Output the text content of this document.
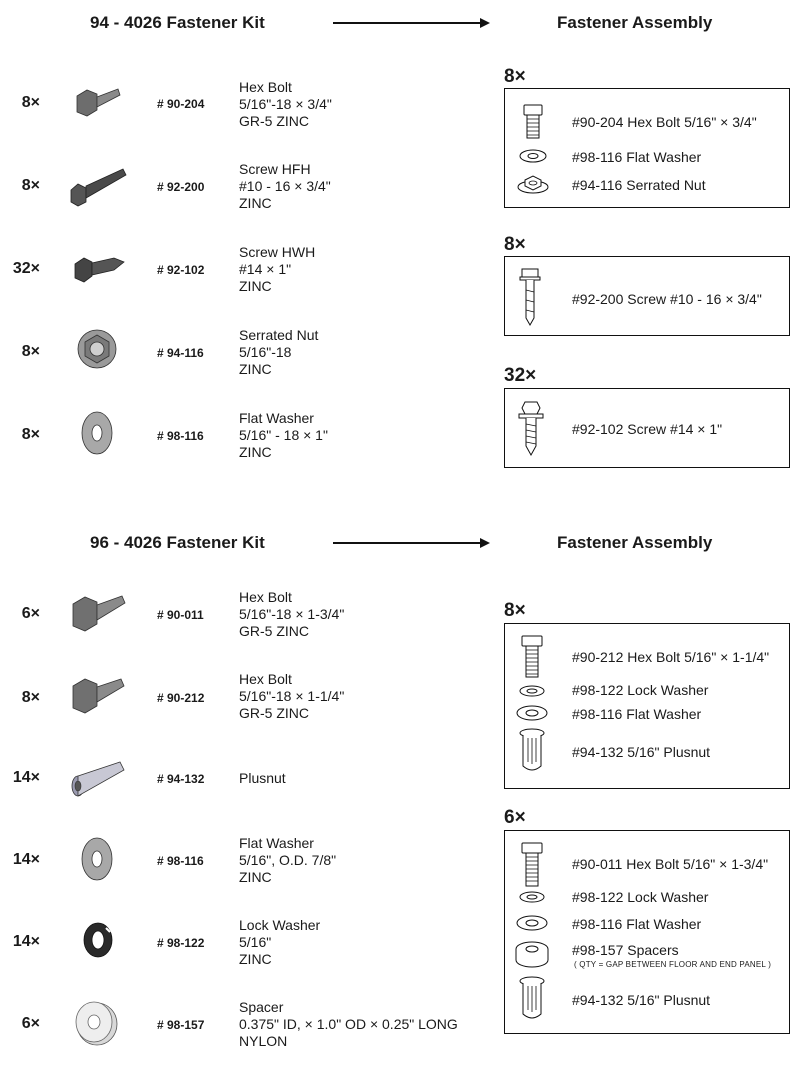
94 - 4026 Fastener Kit	Fastener Assembly
8×	# 90-204
Hex Bolt
5/16"-18 × 3/4"
GR-5 ZINC
8×	# 92-200
Screw HFH
#10 - 16 × 3/4"
ZINC
32×	# 92-102
Screw HWH
#14 × 1"
ZINC
8×	# 94-116
Serrated Nut
5/16"-18
ZINC
8×	# 98-116
Flat Washer
5/16" - 18 × 1"
ZINC
8×
#90-204 Hex Bolt 5/16" × 3/4"
#98-116 Flat Washer
#94-116 Serrated Nut
8×
#92-200 Screw #10 - 16 × 3/4"
32×
#92-102 Screw #14 × 1"
96 - 4026 Fastener Kit	Fastener Assembly
6×	# 90-011
Hex Bolt
5/16"-18 × 1-3/4"
GR-5 ZINC
8×	# 90-212
Hex Bolt
5/16"-18 × 1-1/4"
GR-5 ZINC
14×	# 94-132 Plusnut
14×	# 98-116
Flat Washer
5/16", O.D. 7/8"
ZINC
14×	# 98-122
Lock Washer
5/16"
ZINC
6×	# 98-157
Spacer
0.375" ID, × 1.0" OD × 0.25" LONG
NYLON
8×
#90-212 Hex Bolt 5/16" × 1-1/4"
#98-122 Lock Washer
#98-116 Flat Washer
#94-132 5/16" Plusnut
6×
#90-011 Hex Bolt 5/16" × 1-3/4"
#98-122 Lock Washer
#98-116 Flat Washer
#98-157 Spacers
( QTY = GAP BETWEEN FLOOR AND END PANEL )
#94-132 5/16" Plusnut
